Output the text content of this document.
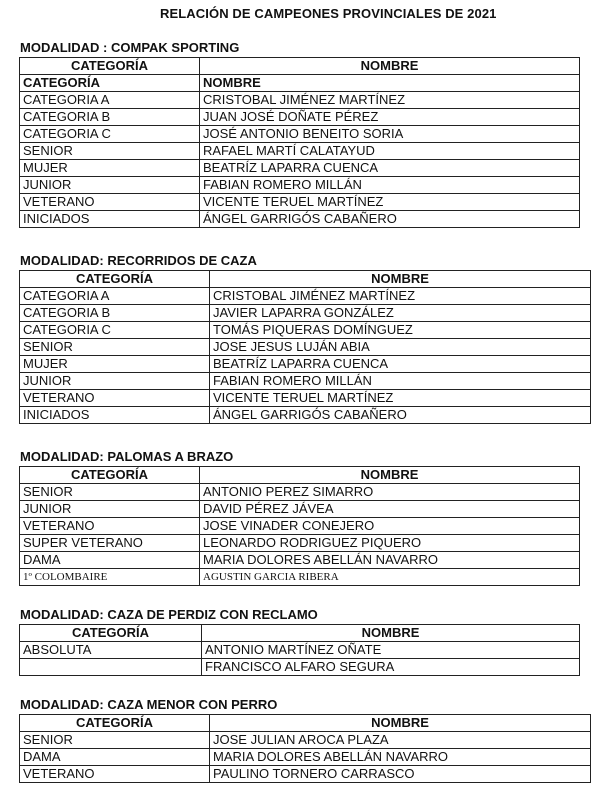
RELACIÓN DE CAMPEONES PROVINCIALES DE 2021
MODALIDAD : COMPAK SPORTING
CATEGORÍA	NOMBRE
CATEGORÍA	NOMBRE
CATEGORIA A	CRISTOBAL JIMÉNEZ MARTÍNEZ
CATEGORIA B	JUAN JOSÉ DOÑATE PÉREZ
CATEGORIA C	JOSÉ ANTONIO BENEITO SORIA
SENIOR	RAFAEL MARTÍ CALATAYUD
MUJER	BEATRÍZ LAPARRA CUENCA
JUNIOR	FABIAN ROMERO MILLÁN
VETERANO	VICENTE TERUEL MARTÍNEZ
INICIADOS	ÁNGEL GARRIGÓS CABAÑERO
MODALIDAD: RECORRIDOS DE CAZA
CATEGORÍA	NOMBRE
CATEGORIA A	CRISTOBAL JIMÉNEZ MARTÍNEZ
CATEGORIA B	JAVIER LAPARRA GONZÁLEZ
CATEGORIA C	TOMÁS PIQUERAS DOMÍNGUEZ
SENIOR	JOSE JESUS LUJÁN ABIA
MUJER	BEATRÍZ LAPARRA CUENCA
JUNIOR	FABIAN ROMERO MILLÁN
VETERANO	VICENTE TERUEL MARTÍNEZ
INICIADOS	ÁNGEL GARRIGÓS CABAÑERO
MODALIDAD: PALOMAS A BRAZO
CATEGORÍA	NOMBRE
SENIOR	ANTONIO PEREZ SIMARRO
JUNIOR	DAVID PÉREZ JÁVEA
VETERANO	JOSE VINADER CONEJERO
SUPER VETERANO	LEONARDO RODRIGUEZ PIQUERO
DAMA	MARIA DOLORES ABELLÁN NAVARRO
1º COLOMBAIRE	AGUSTIN GARCIA RIBERA
MODALIDAD: CAZA DE PERDIZ CON RECLAMO
CATEGORÍA	NOMBRE
ABSOLUTA	ANTONIO MARTÍNEZ OÑATE
	FRANCISCO ALFARO SEGURA
MODALIDAD: CAZA MENOR CON PERRO
CATEGORÍA	NOMBRE
SENIOR	JOSE JULIAN AROCA PLAZA
DAMA	MARIA DOLORES ABELLÁN NAVARRO
VETERANO	PAULINO TORNERO CARRASCO
